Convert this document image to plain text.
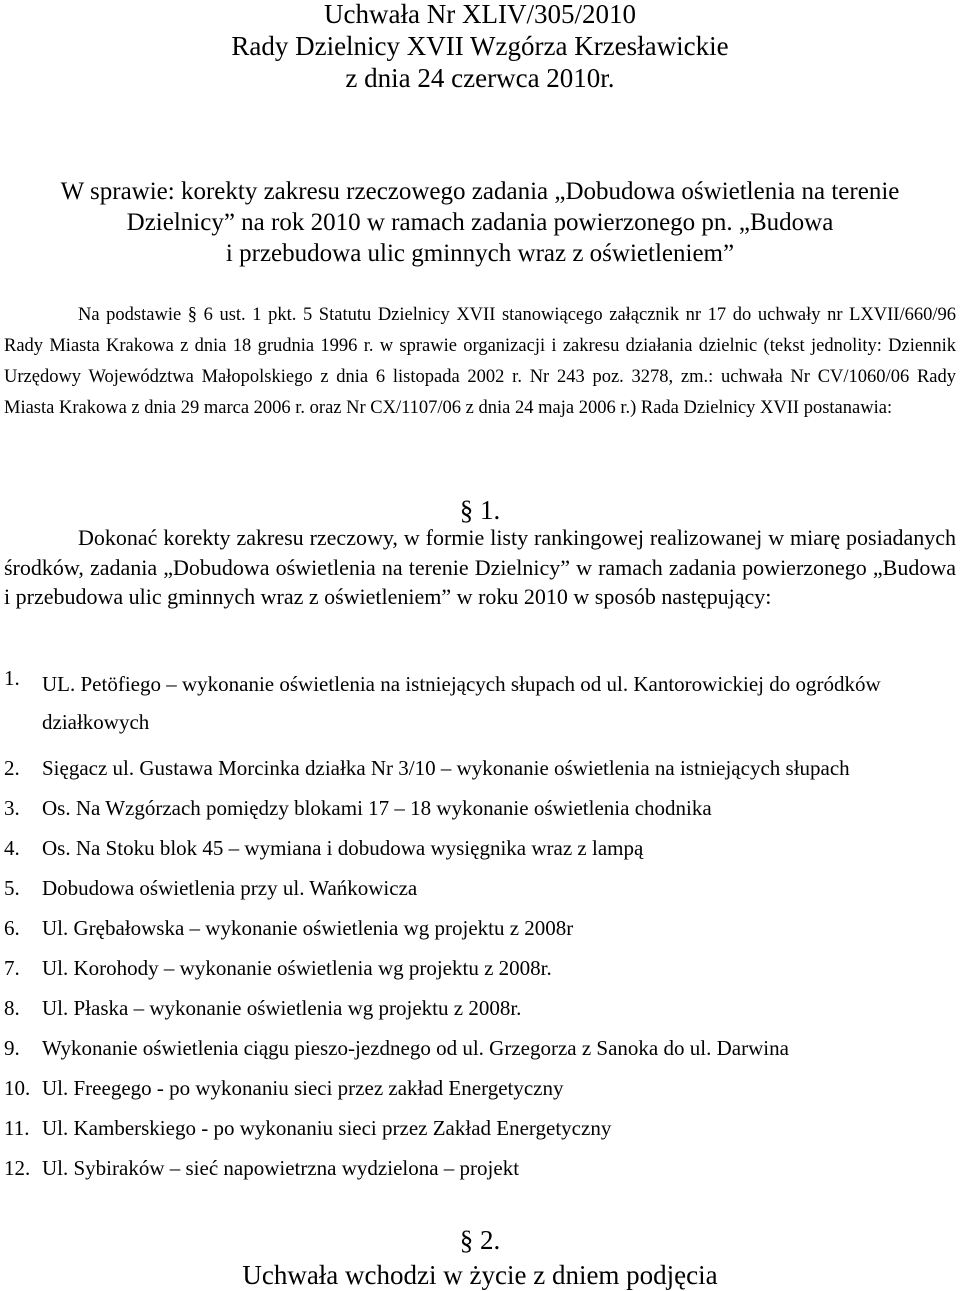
Uchwała Nr XLIV/305/2010
Rady Dzielnicy XVII Wzgórza Krzesławickie
z dnia 24 czerwca 2010r.
W sprawie: korekty zakresu rzeczowego zadania „Dobudowa oświetlenia na terenie
Dzielnicy” na rok 2010 w ramach zadania powierzonego pn. „Budowa
i przebudowa ulic gminnych wraz z oświetleniem”

Na podstawie § 6 ust. 1 pkt. 5 Statutu Dzielnicy XVII stanowiącego załącznik nr 17 do uchwały nr LXVII/660/96 Rady Miasta Krakowa z dnia 18 grudnia 1996 r. w sprawie organizacji i zakresu działania dzielnic (tekst jednolity: Dziennik Urzędowy Województwa Małopolskiego z dnia 6 listopada 2002 r. Nr 243 poz. 3278, zm.: uchwała Nr CV/1060/06 Rady Miasta Krakowa z dnia 29 marca 2006 r. oraz Nr CX/1107/06 z dnia 24 maja 2006 r.) Rada Dzielnicy XVII postanawia:

§ 1.
Dokonać korekty zakresu rzeczowy, w formie listy rankingowej realizowanej w miarę posiadanych środków, zadania „Dobudowa oświetlenia na terenie Dzielnicy” w ramach zadania powierzonego „Budowa i przebudowa ulic gminnych wraz z oświetleniem” w roku 2010 w sposób następujący:
1.	UL. Petöfiego – wykonanie oświetlenia na istniejących słupach od ul. Kantorowickiej do ogródków działkowych
2.	Sięgacz ul. Gustawa Morcinka działka Nr 3/10 – wykonanie oświetlenia na istniejących słupach
3.	Os. Na Wzgórzach pomiędzy blokami 17 – 18 wykonanie oświetlenia chodnika
4.	Os. Na Stoku blok 45 – wymiana i dobudowa wysięgnika wraz z lampą
5.	Dobudowa oświetlenia przy ul. Wańkowicza
6.	Ul. Grębałowska – wykonanie oświetlenia wg projektu z 2008r
7.	Ul. Korohody – wykonanie oświetlenia wg projektu z 2008r.
8.	Ul. Płaska – wykonanie oświetlenia wg projektu z 2008r.
9.	Wykonanie oświetlenia ciągu pieszo-jezdnego od ul. Grzegorza z Sanoka do ul. Darwina
10. Ul. Freegego - po wykonaniu sieci przez zakład Energetyczny
11. Ul. Kamberskiego - po wykonaniu sieci przez Zakład Energetyczny
12. Ul. Sybiraków – sieć napowietrzna wydzielona – projekt
§ 2.
Uchwała wchodzi w życie z dniem podjęcia
